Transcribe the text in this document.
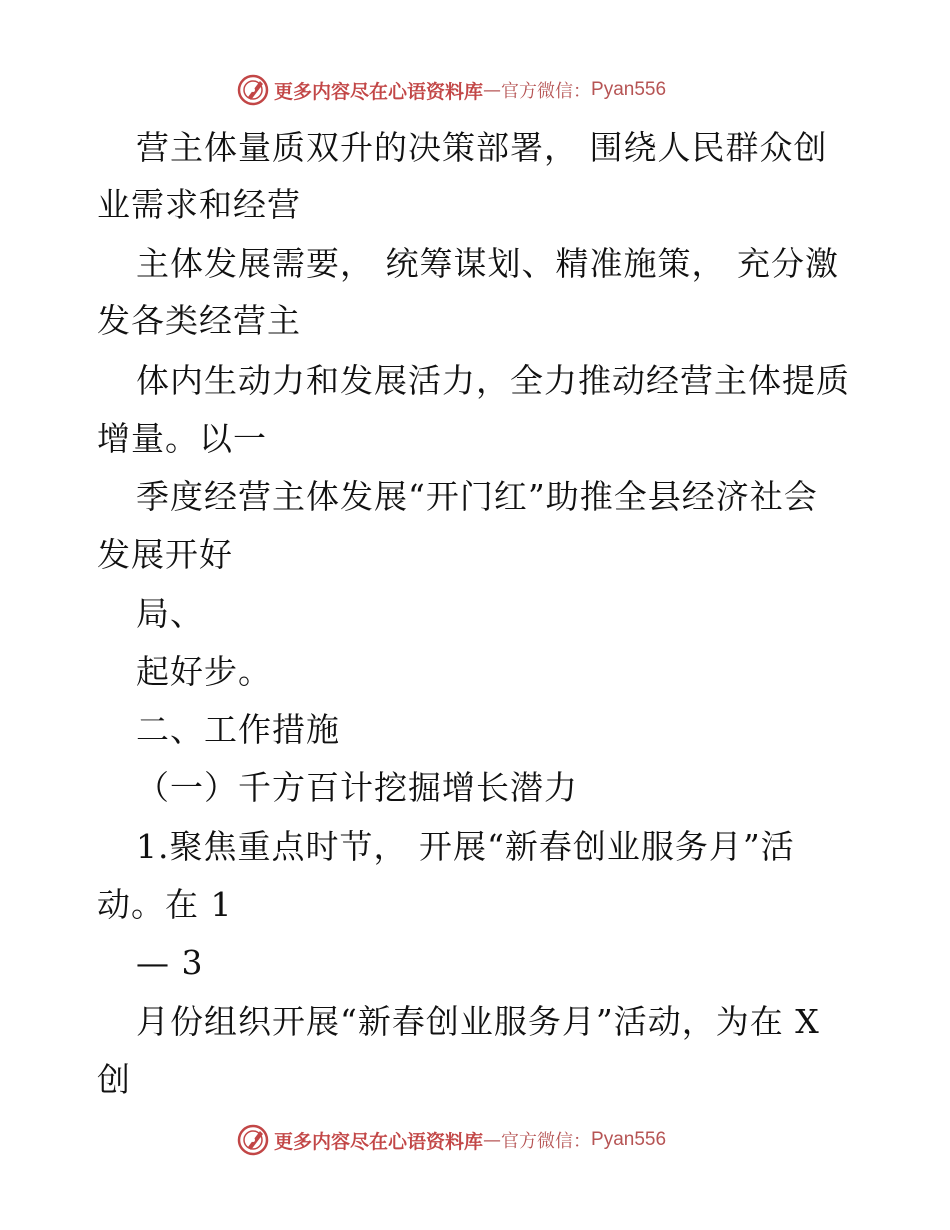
更多内容尽在心语资料库 — 官方微信： Pyan556
营主体量质双升的决策部署， 围绕人民群众创
业需求和经营
主体发展需要， 统筹谋划、精准施策， 充分激
发各类经营主
体内生动力和发展活力，全力推动经营主体提质
增量。以一
季度经营主体发展“开门红”助推全县经济社会
发展开好
局、
起好步。
二、工作措施
（一）千方百计挖掘增长潜力
1.聚焦重点时节， 开展“新春创业服务月”活
动。在 1
— 3
月份组织开展“新春创业服务月”活动，为在 X
创
更多内容尽在心语资料库 — 官方微信： Pyan556
